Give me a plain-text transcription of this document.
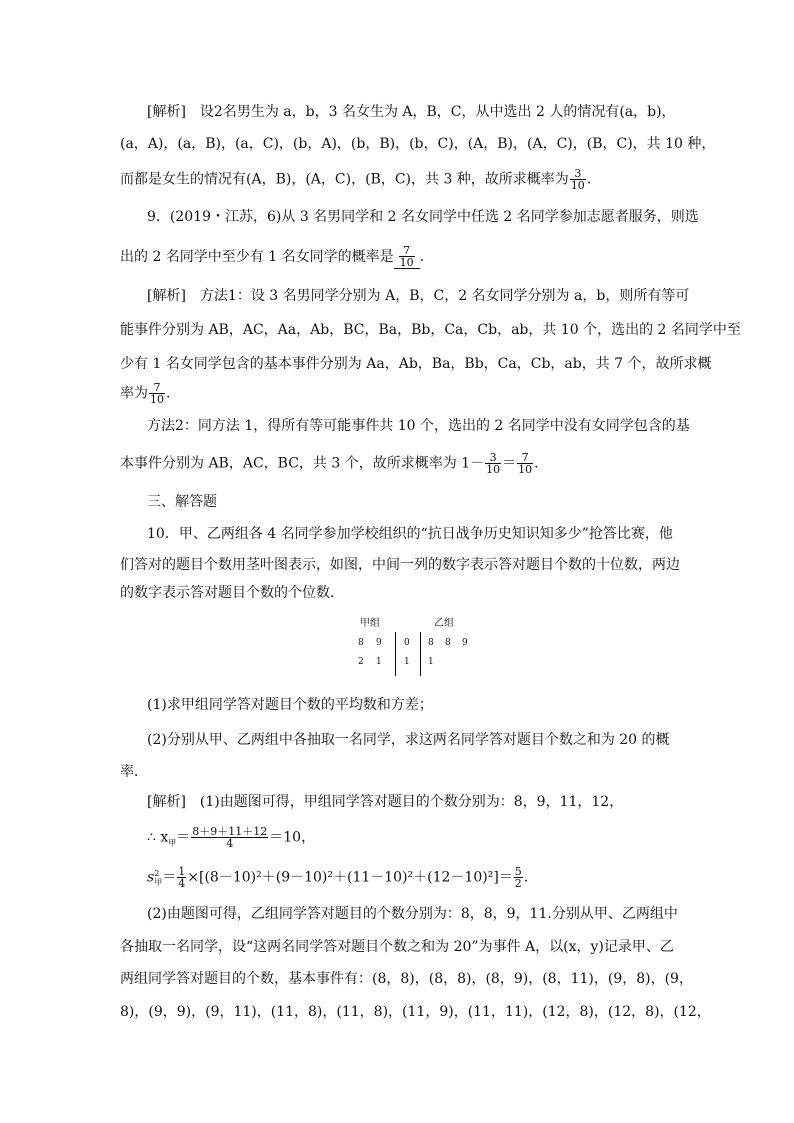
[解析]　设2名男生为 a，b，3 名女生为 A，B，C，从中选出 2 人的情况有(a，b)，
(a，A)，(a，B)，(a，C)，(b，A)，(b，B)，(b，C)，(A，B)，(A，C)，(B，C)，共 10 种，
而都是女生的情况有(A，B)，(A，C)，(B，C)，共 3 种，故所求概率为 $\frac{3}{10}$ .
9．(2019・江苏，6)从 3 名男同学和 2 名女同学中任选 2 名同学参加志愿者服务，则选
出的 2 名同学中至少有 1 名女同学的概率是 $\frac{7}{10}$ .
[解析]　方法1：设 3 名男同学分别为 A，B，C，2 名女同学分别为 a，b，则所有等可
能事件分别为 AB，AC，Aa，Ab，BC，Ba，Bb，Ca，Cb，ab，共 10 个，选出的 2 名同学中至
少有 1 名女同学包含的基本事件分别为 Aa，Ab，Ba，Bb，Ca，Cb，ab，共 7 个，故所求概
率为 $\frac{7}{10}$ .
方法2：同方法 1，得所有等可能事件共 10 个，选出的 2 名同学中没有女同学包含的基
本事件分别为 AB，AC，BC，共 3 个，故所求概率为 $1- \frac{3}{10} = \frac{7}{10}$ .
三、解答题
10．甲、乙两组各 4 名同学参加学校组织的“抗日战争历史知识知多少”抢答比赛，他
们答对的题目个数用茎叶图表示，如图，中间一列的数字表示答对题目个数的十位数，两边
的数字表示答对题目个数的个位数．
甲组	乙组
8 9 0 8 8 9
2 1 1 1
(1)求甲组同学答对题目个数的平均数和方差；
(2)分别从甲、乙两组中各抽取一名同学，求这两名同学答对题目个数之和为 20 的概
率．
[解析]　(1)由题图可得，甲组同学答对题目的个数分别为：8，9，11，12，
∴ $x_甲= \frac{8+9+11+12}{4} =10$，
$s^2_甲= \frac{1}{4} \times[(8-10)^2+(9-10)^2+(11-10)^2+(12-10)^2]= \frac{5}{2}$ .
(2)由题图可得，乙组同学答对题目的个数分别为：8，8，9，11.分别从甲、乙两组中
各抽取一名同学，设“这两名同学答对题目个数之和为 20”为事件 A，以(x，y)记录甲、乙
两组同学答对题目的个数，基本事件有：(8，8)，(8，8)，(8，9)，(8，11)，(9，8)，(9，
8)，(9，9)，(9，11)，(11，8)，(11，8)，(11，9)，(11，11)，(12，8)，(12，8)，(12，
